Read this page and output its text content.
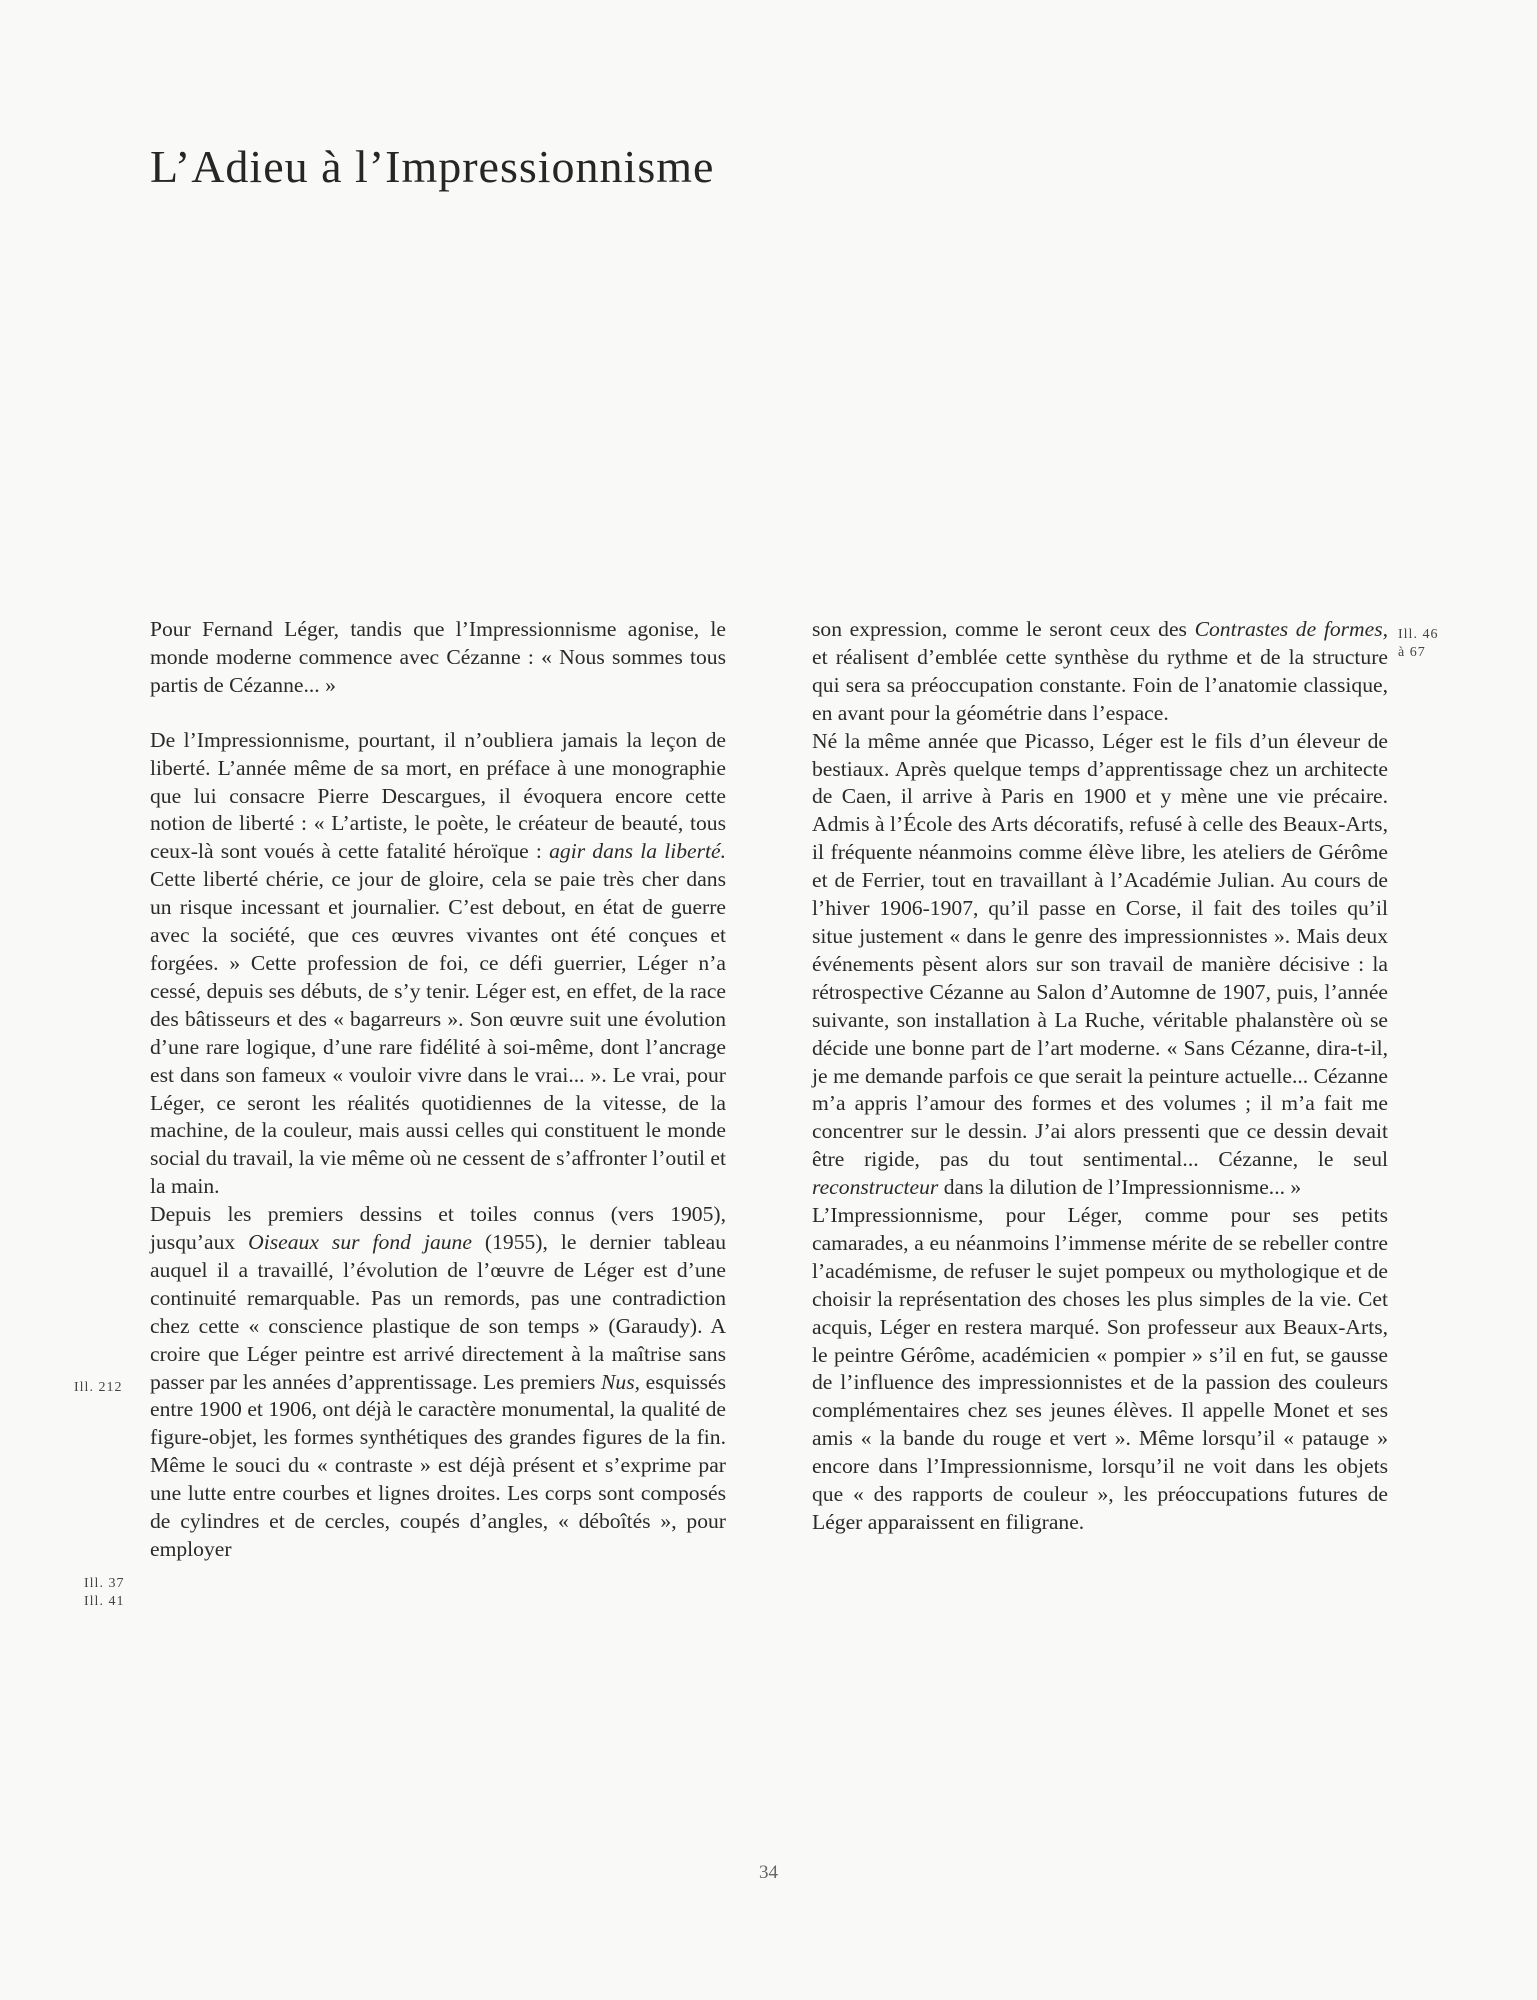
L’Adieu à l’Impressionnisme

Pour Fernand Léger, tandis que l’Impressionnisme agonise, le monde moderne commence avec Cézanne : « Nous sommes tous partis de Cézanne... »

De l’Impressionnisme, pourtant, il n’oubliera jamais la leçon de liberté. L’année même de sa mort, en préface à une monographie que lui consacre Pierre Descargues, il évoquera encore cette notion de liberté : « L’artiste, le poète, le créateur de beauté, tous ceux-là sont voués à cette fatalité héroïque : agir dans la liberté. Cette liberté chérie, ce jour de gloire, cela se paie très cher dans un risque incessant et journalier. C’est debout, en état de guerre avec la société, que ces œuvres vivantes ont été conçues et forgées. » Cette profession de foi, ce défi guerrier, Léger n’a cessé, depuis ses débuts, de s’y tenir. Léger est, en effet, de la race des bâtisseurs et des « bagarreurs ». Son œuvre suit une évolution d’une rare logique, d’une rare fidélité à soi-même, dont l’ancrage est dans son fameux « vouloir vivre dans le vrai... ». Le vrai, pour Léger, ce seront les réalités quotidiennes de la vitesse, de la machine, de la couleur, mais aussi celles qui constituent le monde social du travail, la vie même où ne cessent de s’affronter l’outil et la main.

Depuis les premiers dessins et toiles connus (vers 1905), jusqu’aux Oiseaux sur fond jaune (1955), le dernier tableau auquel il a travaillé, l’évolution de l’œuvre de Léger est d’une continuité remarquable. Pas un remords, pas une contradiction chez cette « conscience plastique de son temps » (Garaudy). A croire que Léger peintre est arrivé directement à la maîtrise sans passer par les années d’apprentissage. Les premiers Nus, esquissés entre 1900 et 1906, ont déjà le caractère monumental, la qualité de figure-objet, les formes synthétiques des grandes figures de la fin. Même le souci du « contraste » est déjà présent et s’exprime par une lutte entre courbes et lignes droites. Les corps sont composés de cylindres et de cercles, coupés d’angles, « déboîtés », pour employer

son expression, comme le seront ceux des Contrastes de formes, et réalisent d’emblée cette synthèse du rythme et de la structure qui sera sa préoccupation constante. Foin de l’anatomie classique, en avant pour la géométrie dans l’espace.

Né la même année que Picasso, Léger est le fils d’un éleveur de bestiaux. Après quelque temps d’apprentissage chez un architecte de Caen, il arrive à Paris en 1900 et y mène une vie précaire. Admis à l’École des Arts décoratifs, refusé à celle des Beaux-Arts, il fréquente néanmoins comme élève libre, les ateliers de Gérôme et de Ferrier, tout en travaillant à l’Académie Julian. Au cours de l’hiver 1906-1907, qu’il passe en Corse, il fait des toiles qu’il situe justement « dans le genre des impressionnistes ». Mais deux événements pèsent alors sur son travail de manière décisive : la rétrospective Cézanne au Salon d’Automne de 1907, puis, l’année suivante, son installation à La Ruche, véritable phalanstère où se décide une bonne part de l’art moderne. « Sans Cézanne, dira-t-il, je me demande parfois ce que serait la peinture actuelle... Cézanne m’a appris l’amour des formes et des volumes ; il m’a fait me concentrer sur le dessin. J’ai alors pressenti que ce dessin devait être rigide, pas du tout sentimental... Cézanne, le seul reconstructeur dans la dilution de l’Impressionnisme... »

L’Impressionnisme, pour Léger, comme pour ses petits camarades, a eu néanmoins l’immense mérite de se rebeller contre l’académisme, de refuser le sujet pompeux ou mythologique et de choisir la représentation des choses les plus simples de la vie. Cet acquis, Léger en restera marqué. Son professeur aux Beaux-Arts, le peintre Gérôme, académicien « pompier » s’il en fut, se gausse de l’influence des impressionnistes et de la passion des couleurs complémentaires chez ses jeunes élèves. Il appelle Monet et ses amis « la bande du rouge et vert ». Même lorsqu’il « patauge » encore dans l’Impressionnisme, lorsqu’il ne voit dans les objets que « des rapports de couleur », les préoccupations futures de Léger apparaissent en filigrane.

Ill. 212
Ill. 37
Ill. 41
Ill. 46
à 67
34
